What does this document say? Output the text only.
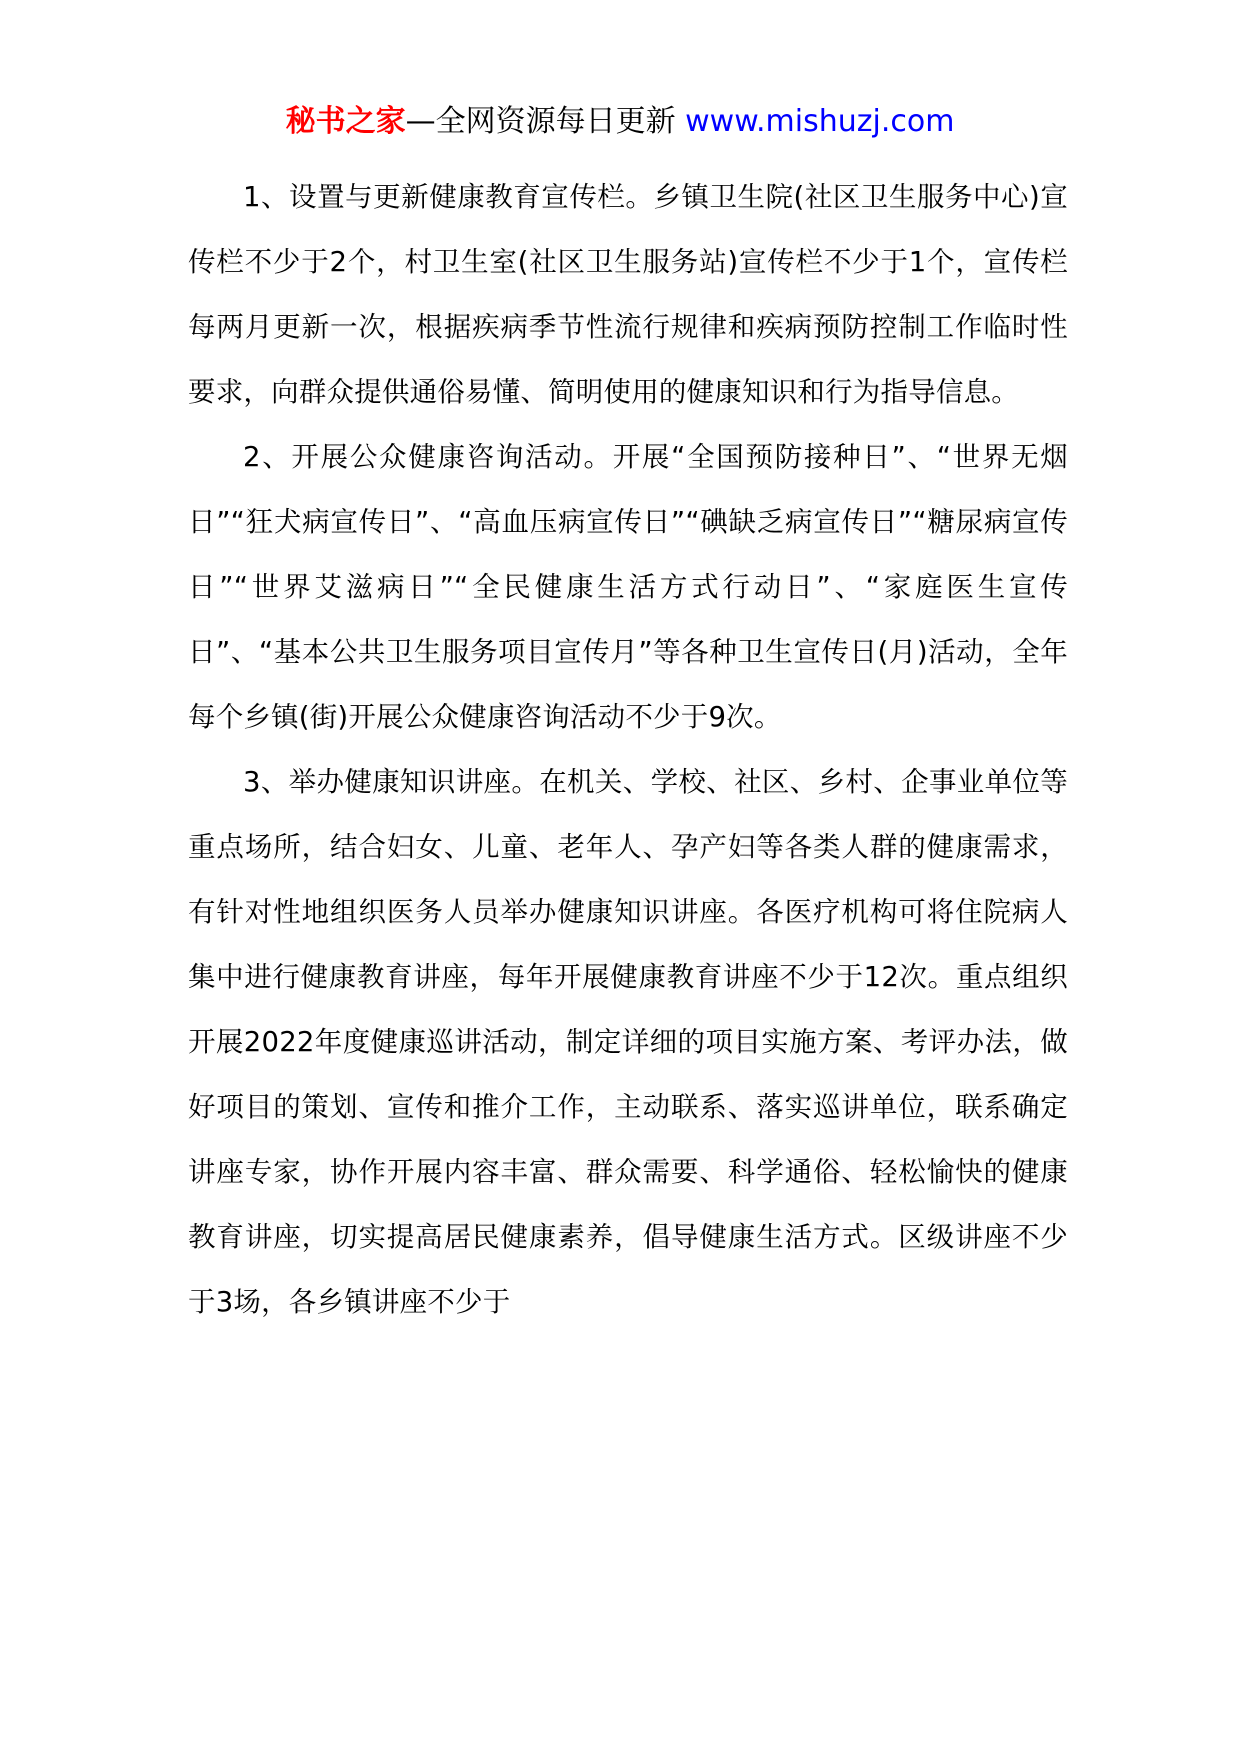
秘书之家—全网资源每日更新 www.mishuzj.com

1、设置与更新健康教育宣传栏。乡镇卫生院(社区卫生服务中心)宣传栏不少于2个，村卫生室(社区卫生服务站)宣传栏不少于1个，宣传栏每两月更新一次，根据疾病季节性流行规律和疾病预防控制工作临时性要求，向群众提供通俗易懂、简明使用的健康知识和行为指导信息。

2、开展公众健康咨询活动。开展“全国预防接种日”、“世界无烟日”“狂犬病宣传日”、“高血压病宣传日”“碘缺乏病宣传日”“糖尿病宣传日”“世界艾滋病日”“全民健康生活方式行动日”、“家庭医生宣传日”、“基本公共卫生服务项目宣传月”等各种卫生宣传日(月)活动，全年每个乡镇(街)开展公众健康咨询活动不少于9次。

3、举办健康知识讲座。在机关、学校、社区、乡村、企事业单位等重点场所，结合妇女、儿童、老年人、孕产妇等各类人群的健康需求，有针对性地组织医务人员举办健康知识讲座。各医疗机构可将住院病人集中进行健康教育讲座，每年开展健康教育讲座不少于12次。重点组织开展2022年度健康巡讲活动，制定详细的项目实施方案、考评办法，做好项目的策划、宣传和推介工作，主动联系、落实巡讲单位，联系确定讲座专家，协作开展内容丰富、群众需要、科学通俗、轻松愉快的健康教育讲座，切实提高居民健康素养，倡导健康生活方式。区级讲座不少于3场，各乡镇讲座不少于
